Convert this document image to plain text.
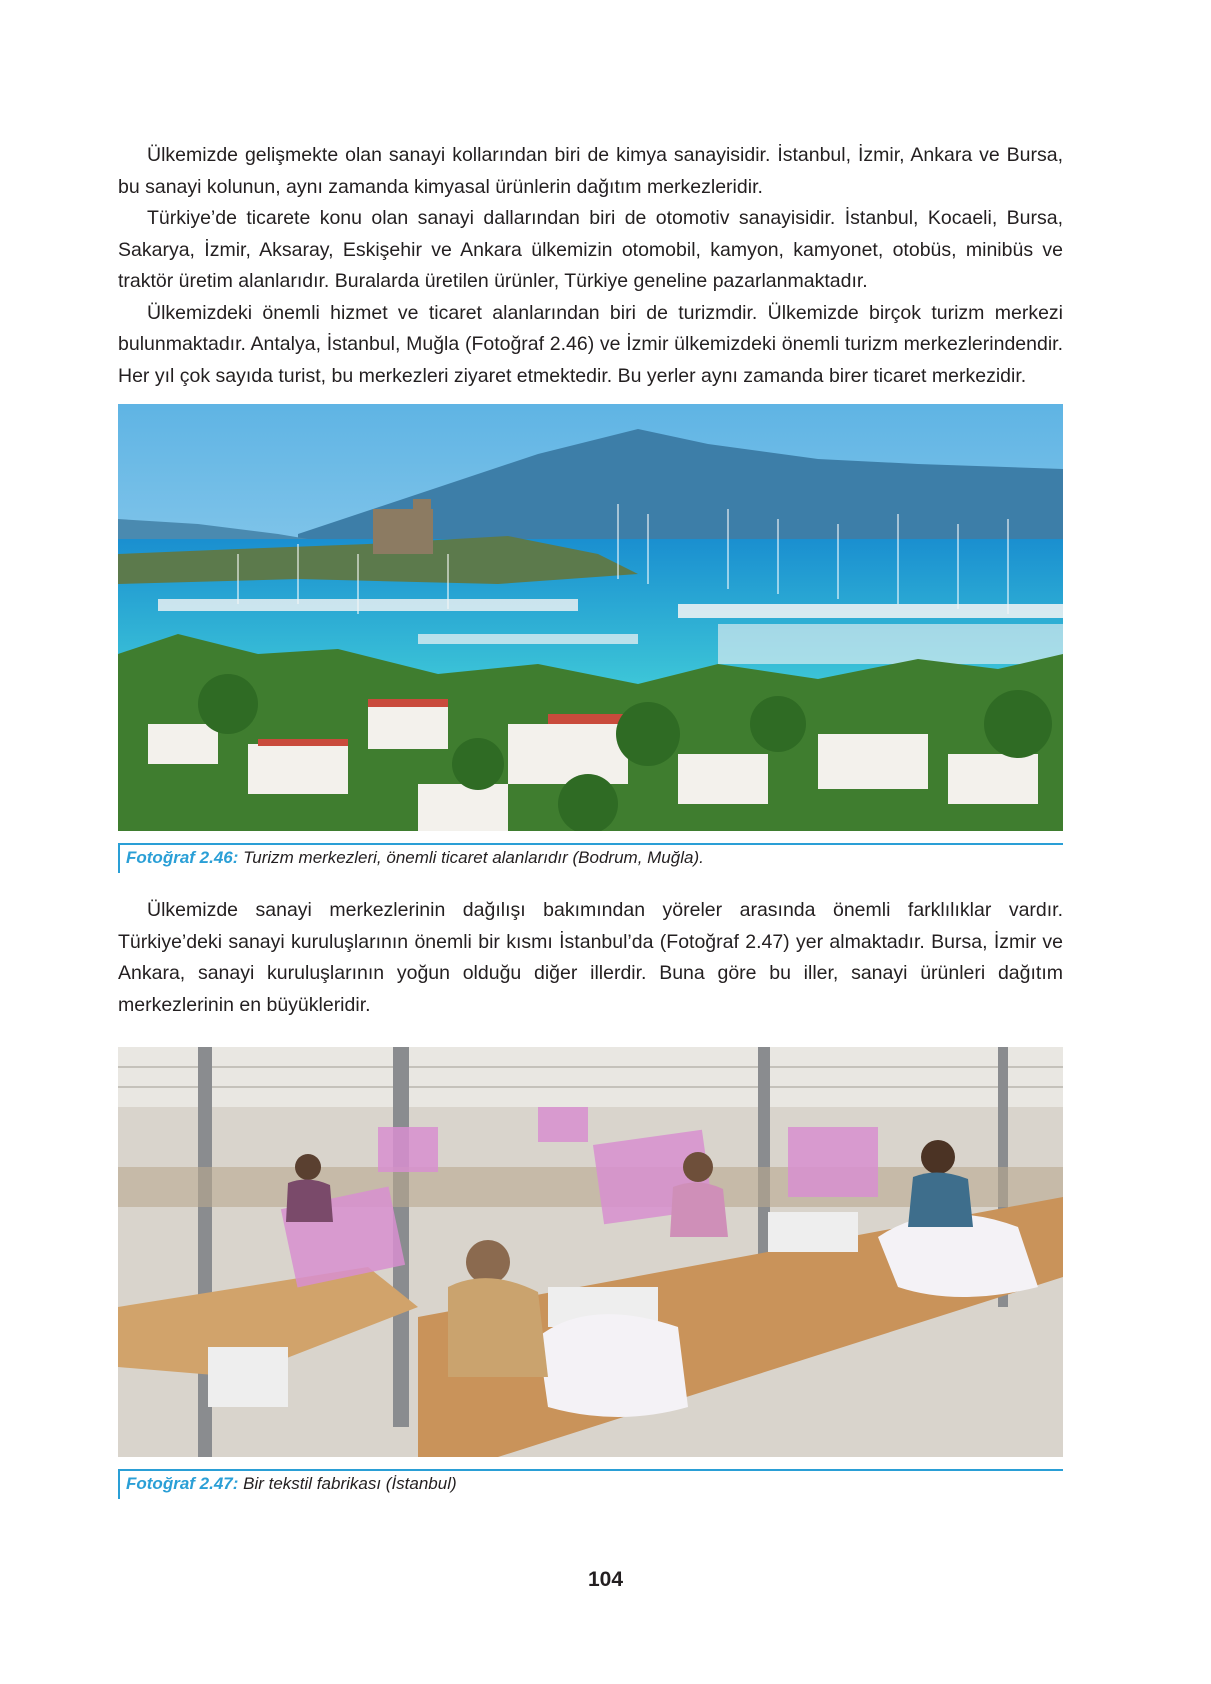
Ülkemizde gelişmekte olan sanayi kollarından biri de kimya sanayisidir. İstanbul, İzmir, Ankara ve Bursa, bu sanayi kolunun, aynı zamanda kimyasal ürünlerin dağıtım merkezleridir.

Türkiye’de ticarete konu olan sanayi dallarından biri de otomotiv sanayisidir. İstanbul, Kocaeli, Bursa, Sakarya, İzmir, Aksaray, Eskişehir ve Ankara ülkemizin otomobil, kamyon, kamyonet, otobüs, minibüs ve traktör üretim alanlarıdır. Buralarda üretilen ürünler, Türkiye geneline pazarlanmaktadır.

Ülkemizdeki önemli hizmet ve ticaret alanlarından biri de turizmdir. Ülkemizde birçok turizm merkezi bulunmaktadır. Antalya, İstanbul, Muğla (Fotoğraf 2.46) ve İzmir ülkemizdeki önemli turizm merkezlerindendir. Her yıl çok sayıda turist, bu merkezleri ziyaret etmektedir. Bu yerler aynı zamanda birer ticaret merkezidir.

Fotoğraf 2.46: Turizm merkezleri, önemli ticaret alanlarıdır (Bodrum, Muğla).

Ülkemizde sanayi merkezlerinin dağılışı bakımından yöreler arasında önemli farklılıklar vardır. Türkiye’deki sanayi kuruluşlarının önemli bir kısmı İstanbul’da (Fotoğraf 2.47) yer almaktadır. Bursa, İzmir ve Ankara, sanayi kuruluşlarının yoğun olduğu diğer illerdir. Buna göre bu iller, sanayi ürünleri dağıtım merkezlerinin en büyükleridir.

Fotoğraf 2.47: Bir tekstil fabrikası (İstanbul)
104
